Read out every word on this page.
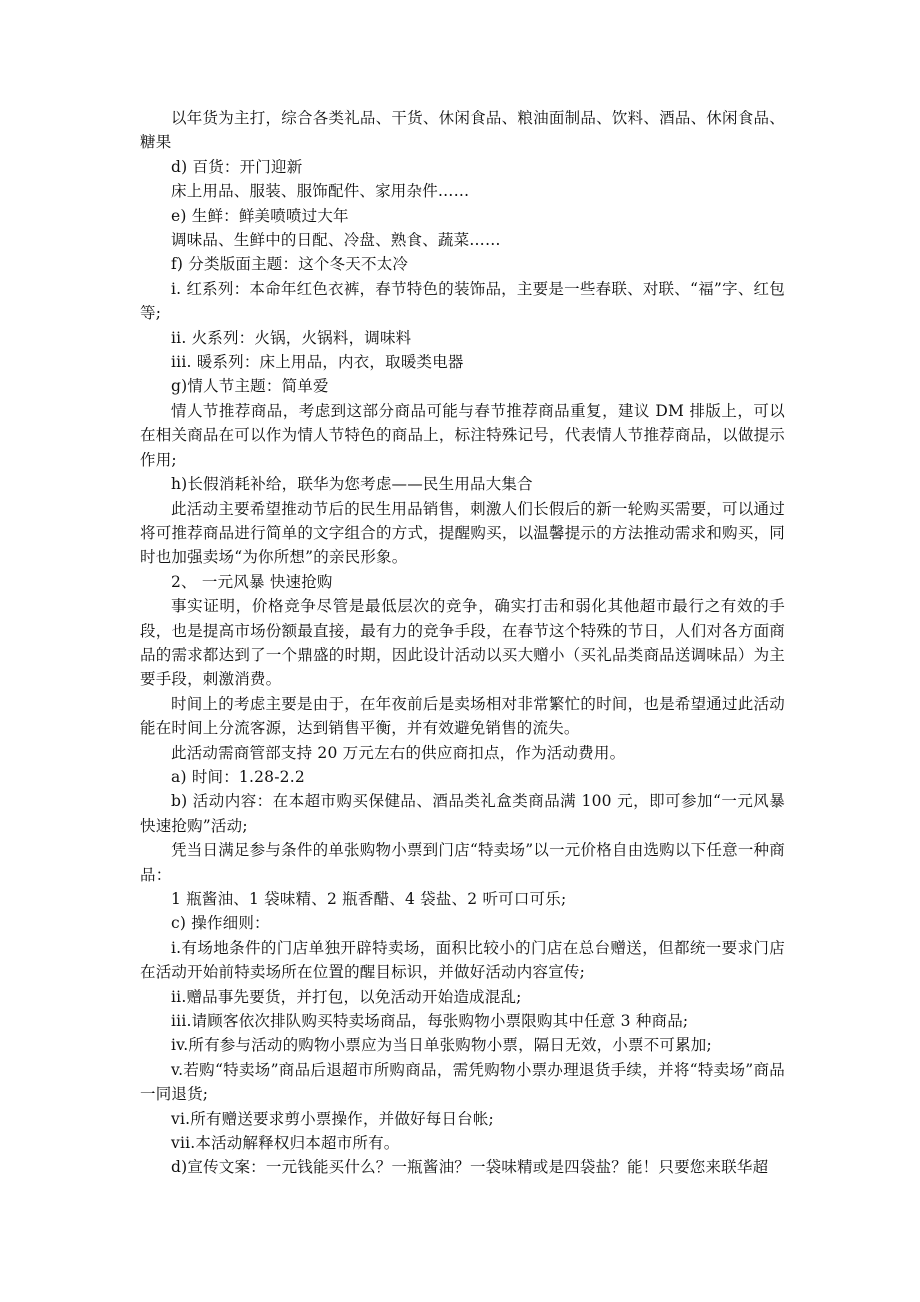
以年货为主打，综合各类礼品、干货、休闲食品、粮油面制品、饮料、酒品、休闲食品、糖果

d) 百货：开门迎新

床上用品、服装、服饰配件、家用杂件……

e) 生鲜：鲜美喷喷过大年

调味品、生鲜中的日配、冷盘、熟食、蔬菜……

f) 分类版面主题：这个冬天不太冷

i. 红系列：本命年红色衣裤，春节特色的装饰品，主要是一些春联、对联、“福”字、红包等;

ii. 火系列：火锅，火锅料，调味料

iii. 暖系列：床上用品，内衣，取暖类电器

g)情人节主题：简单爱

情人节推荐商品，考虑到这部分商品可能与春节推荐商品重复，建议 DM 排版上，可以在相关商品在可以作为情人节特色的商品上，标注特殊记号，代表情人节推荐商品，以做提示作用;

h)长假消耗补给，联华为您考虑——民生用品大集合

此活动主要希望推动节后的民生用品销售，刺激人们长假后的新一轮购买需要，可以通过将可推荐商品进行简单的文字组合的方式，提醒购买，以温馨提示的方法推动需求和购买，同时也加强卖场“为你所想”的亲民形象。

2、 一元风暴 快速抢购

事实证明，价格竞争尽管是最低层次的竞争，确实打击和弱化其他超市最行之有效的手段，也是提高市场份额最直接，最有力的竞争手段，在春节这个特殊的节日，人们对各方面商品的需求都达到了一个鼎盛的时期，因此设计活动以买大赠小（买礼品类商品送调味品）为主要手段，刺激消费。

时间上的考虑主要是由于，在年夜前后是卖场相对非常繁忙的时间，也是希望通过此活动能在时间上分流客源，达到销售平衡，并有效避免销售的流失。

此活动需商管部支持 20 万元左右的供应商扣点，作为活动费用。

a) 时间：1.28-2.2

b) 活动内容：在本超市购买保健品、酒品类礼盒类商品满 100 元，即可参加“一元风暴 快速抢购”活动;

凭当日满足参与条件的单张购物小票到门店“特卖场”以一元价格自由选购以下任意一种商品：

1 瓶酱油、1 袋味精、2 瓶香醋、4 袋盐、2 听可口可乐;

c) 操作细则：

i.有场地条件的门店单独开辟特卖场，面积比较小的门店在总台赠送，但都统一要求门店在活动开始前特卖场所在位置的醒目标识，并做好活动内容宣传;

ii.赠品事先要货，并打包，以免活动开始造成混乱;

iii.请顾客依次排队购买特卖场商品，每张购物小票限购其中任意 3 种商品;

iv.所有参与活动的购物小票应为当日单张购物小票，隔日无效，小票不可累加;

v.若购“特卖场”商品后退超市所购商品，需凭购物小票办理退货手续，并将“特卖场”商品一同退货;

vi.所有赠送要求剪小票操作，并做好每日台帐;

vii.本活动解释权归本超市所有。

d)宣传文案：一元钱能买什么？一瓶酱油？一袋味精或是四袋盐？能！只要您来联华超
